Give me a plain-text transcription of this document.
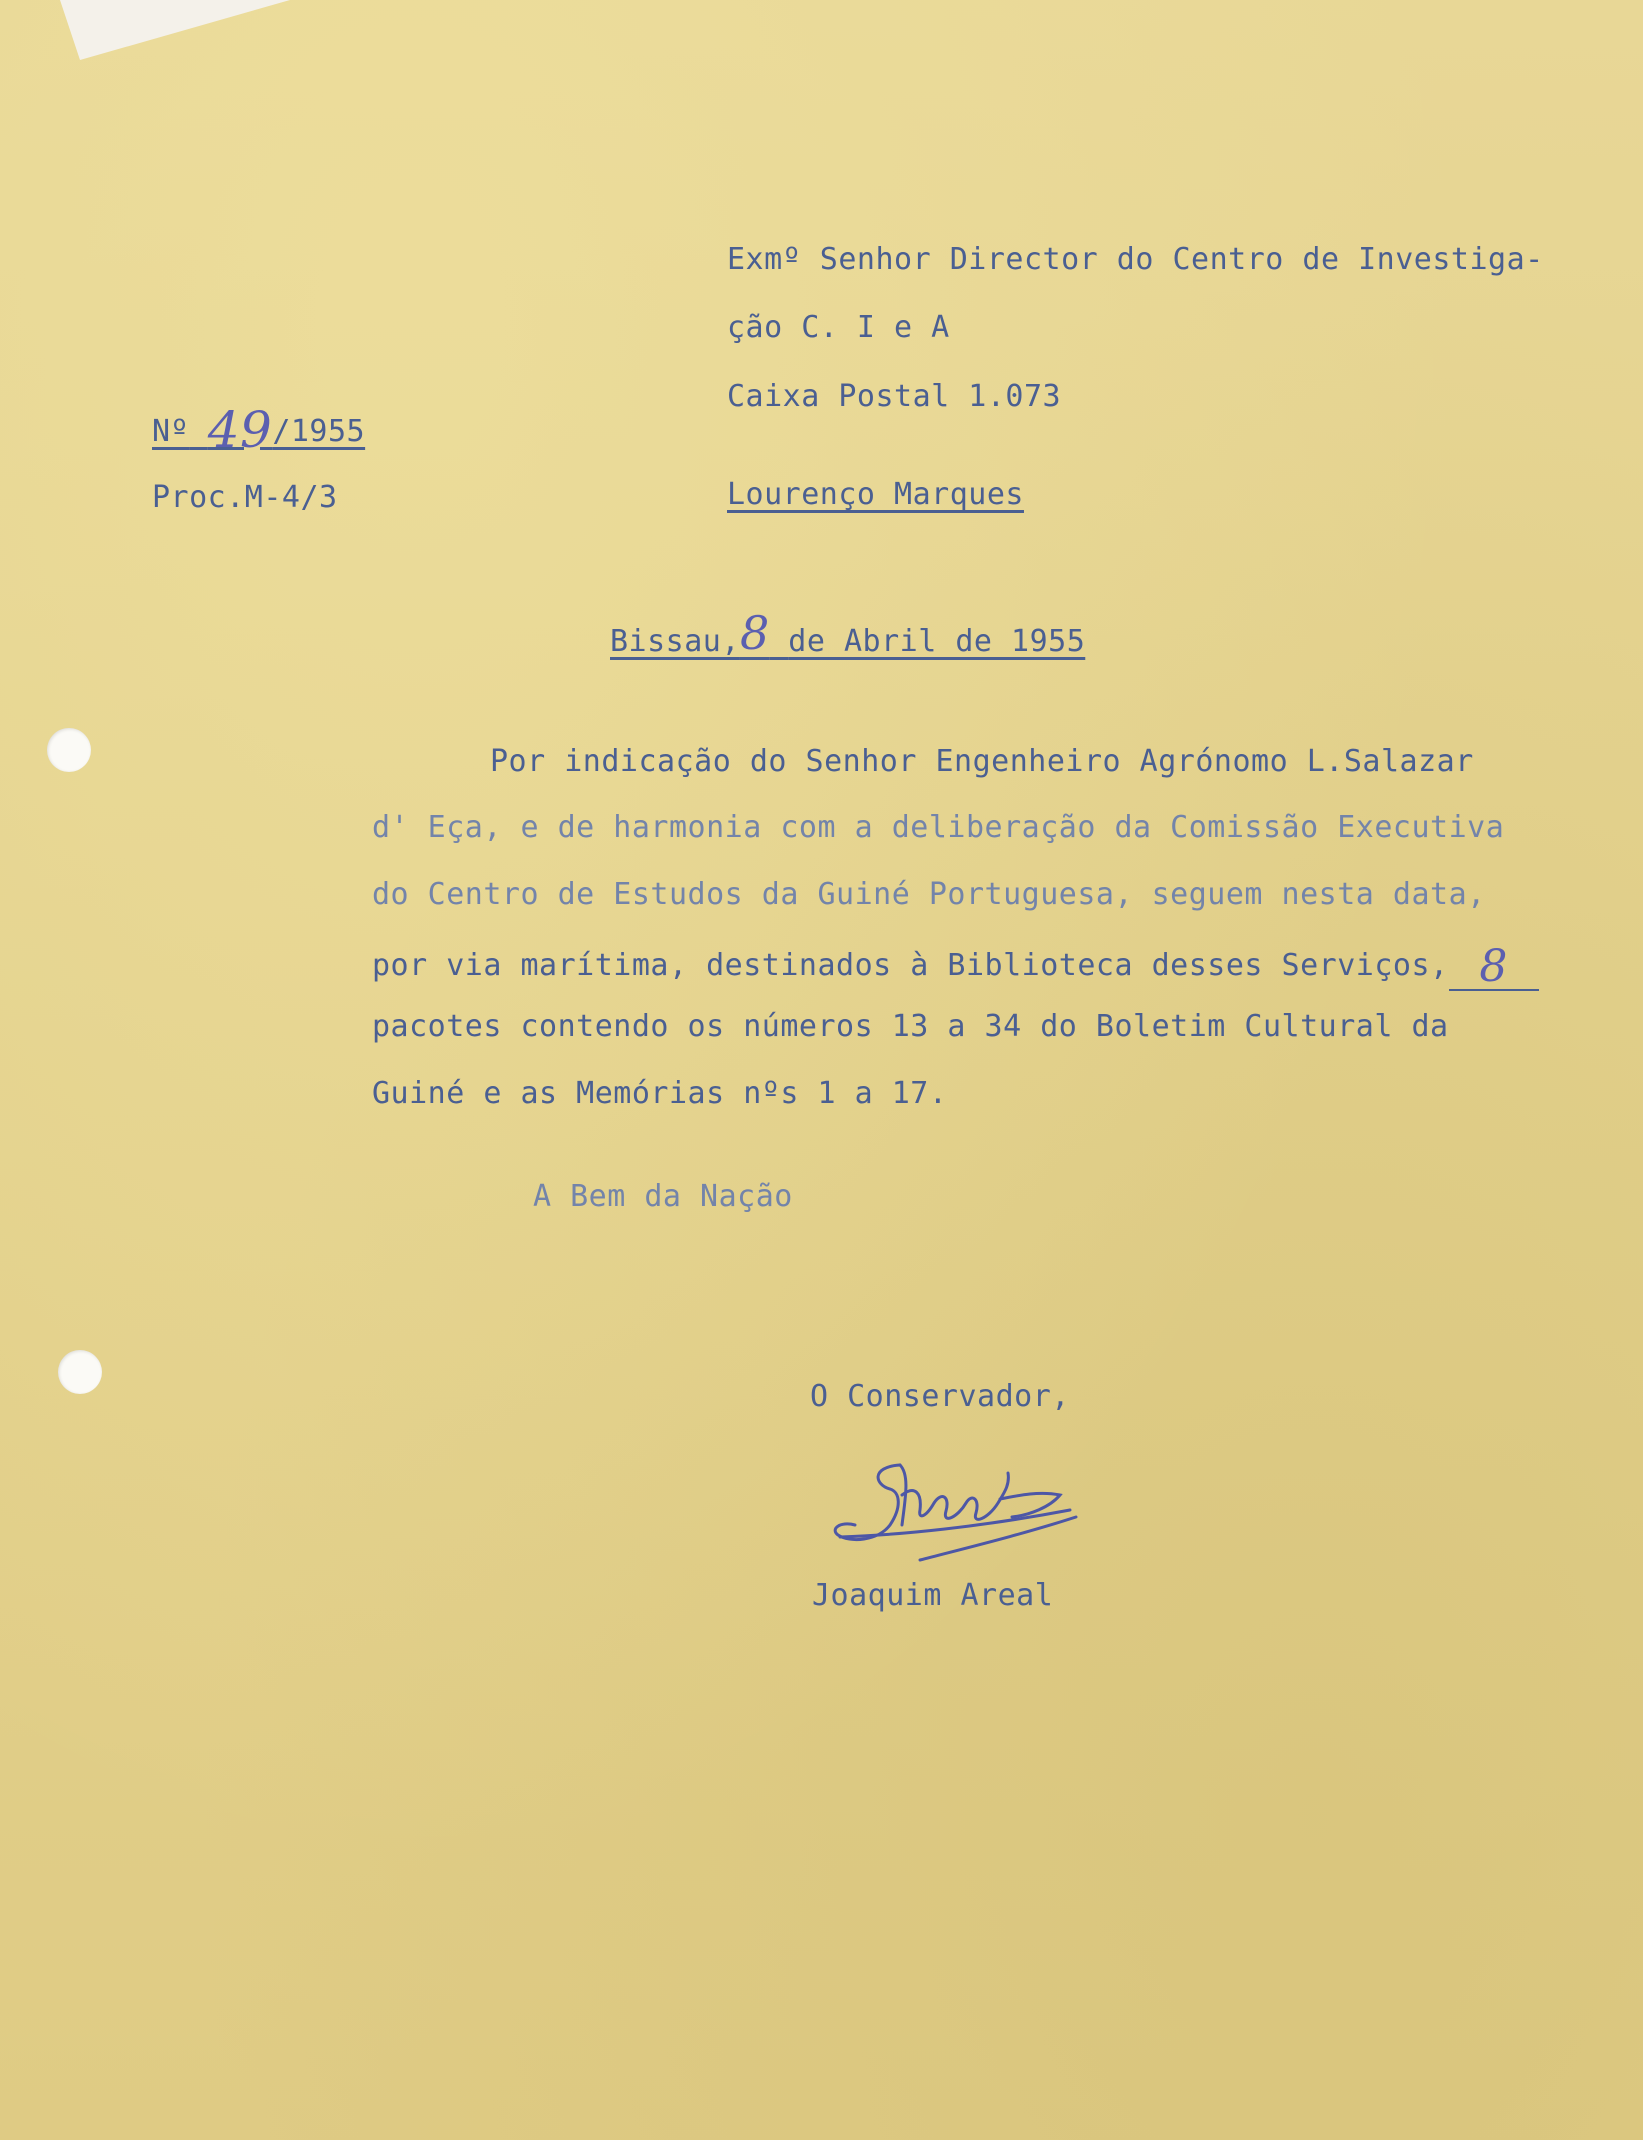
Exmº Senhor Director do Centro de Investiga-
ção C. I e A
Caixa Postal 1.073
Lourenço Marques
Nº 49/1955
Proc.M-4/3
Bissau,8 de Abril de 1955
Por indicação do Senhor Engenheiro Agrónomo L.Salazar
d' Eça, e de harmonia com a deliberação da Comissão Executiva
do Centro de Estudos da Guiné Portuguesa, seguem nesta data,
por via marítima, destinados à Biblioteca desses Serviços, 8
pacotes contendo os números 13 a 34 do Boletim Cultural da
Guiné e as Memórias nºs 1 a 17.
A Bem da Nação
O Conservador,
Joaquim Areal
